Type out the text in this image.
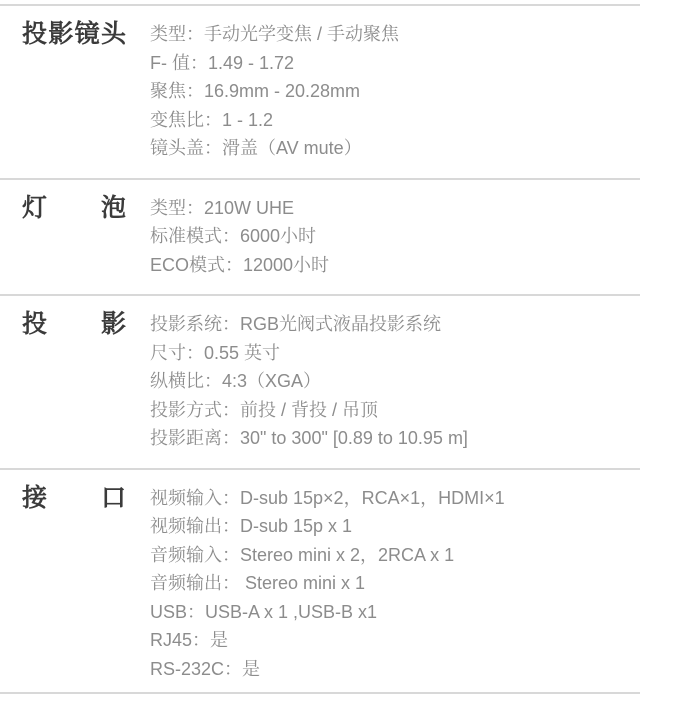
投影镜头 类型：手动光学变焦 / 手动聚焦
F- 值：1.49 - 1.72
聚焦：16.9mm - 20.28mm
变焦比：1 - 1.2
镜头盖：滑盖（AV mute）
灯泡 类型：210W UHE
标准模式：6000小时
ECO模式：12000小时
投影 投影系统：RGB光阀式液晶投影系统
尺寸：0.55 英寸
纵横比：4:3（XGA）
投影方式：前投 / 背投 / 吊顶
投影距离：30" to 300" [0.89 to 10.95 m]
接口 视频输入：D-sub 15p×2，RCA×1，HDMI×1
视频输出：D-sub 15p x 1
音频输入：Stereo mini x 2，2RCA x 1
音频输出： Stereo mini x 1
USB：USB-A x 1 ,USB-B x1
RJ45：是
RS-232C：是
